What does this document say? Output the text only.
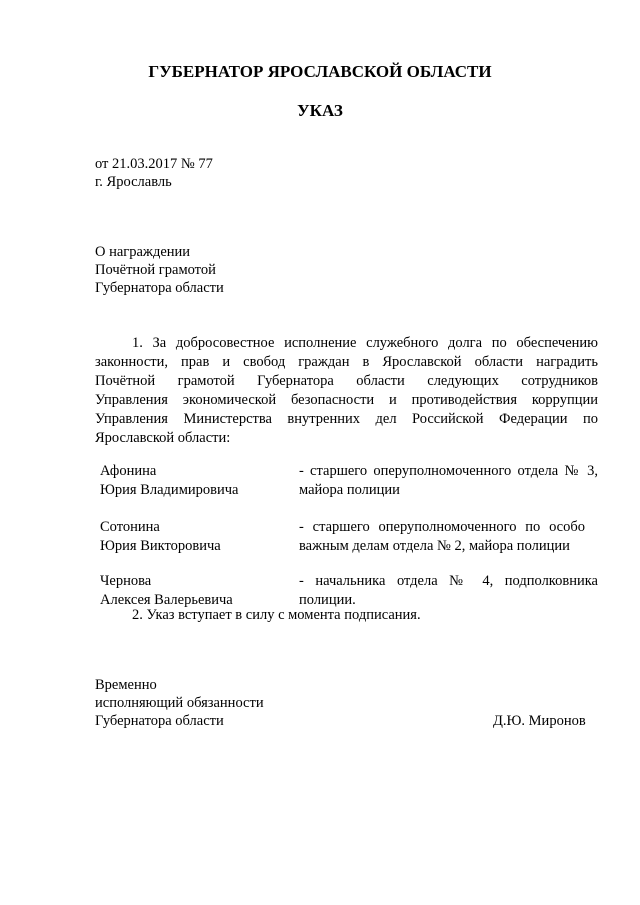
ГУБЕРНАТОР ЯРОСЛАВСКОЙ ОБЛАСТИ
УКАЗ
от 21.03.2017 № 77
г. Ярославль
О награждении
Почётной грамотой
Губернатора области
1. За добросовестное исполнение служебного долга по обеспечению
законности, прав и свобод граждан в Ярославской области наградить
Почётной грамотой Губернатора области следующих сотрудников
Управления экономической безопасности и противодействия коррупции
Управления Министерства внутренних дел Российской Федерации по
Ярославской области:
Афонина
Юрия Владимировича
- старшего оперуполномоченного отдела № 3,
майора полиции
Сотонина
Юрия Викторовича
- старшего оперуполномоченного по особо
важным делам отдела № 2, майора полиции
Чернова
Алексея Валерьевича
- начальника отдела № 4, подполковника
полиции.
2. Указ вступает в силу с момента подписания.
Временно
исполняющий обязанности
Губернатора области	Д.Ю. Миронов
